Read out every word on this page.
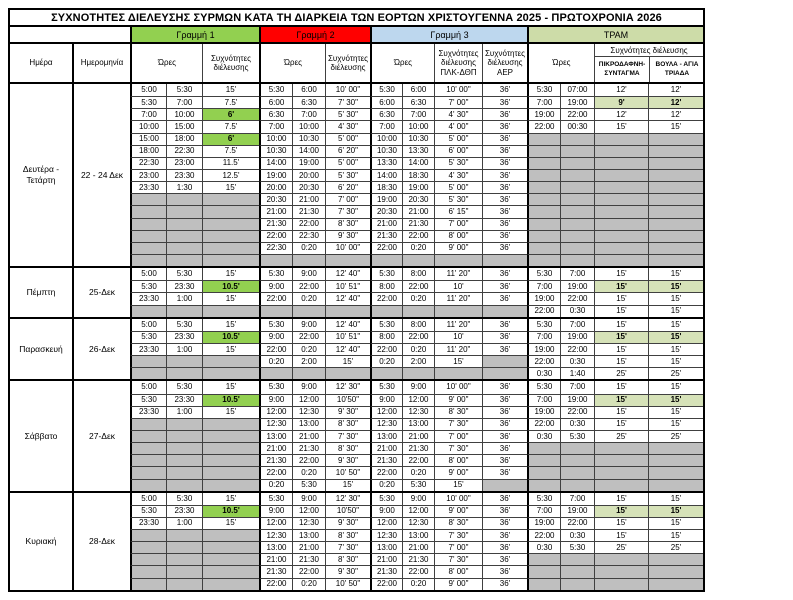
ΣΥΧΝΟΤΗΤΕΣ ΔΙΕΛΕΥΣΗΣ ΣΥΡΜΩΝ ΚΑΤΑ ΤΗ ΔΙΑΡΚΕΙΑ ΤΩΝ ΕΟΡΤΩΝ ΧΡΙΣΤΟΥΓΕΝΝΑ 2025 - ΠΡΩΤΟΧΡΟΝΙΑ 2026
Γραμμή 1	Γραμμή 2	Γραμμή 3	ΤΡΑΜ
Ημέρα	Ημερομηνία	Ώρες
Συχνότητες διέλευσης
Ώρες
Συχνότητες διέλευσης
Ώρες
Συχνότητες διέλευσης ΠΛΚ-ΔΘΠ
Συχνότητες διέλευσης ΑΕΡ
Ώρες
Συχνότητες διέλευσης
ΠΙΚΡΟΔΑΦΝΗ-ΣΥΝΤΑΓΜΑ
ΒΟΥΛΑ - ΑΓΙΑ ΤΡΙΑΔΑ
Δευτέρα - Τετάρτη
22 - 24 Δεκ
5:00	5:30	15'	5:30	6:00	10' 00"	5:30	6:00	10' 00"	36'	5:30	07:00	12'	12'
5:30	7:00	7.5'	6:00	6:30	7' 30"	6:00	6:30	7' 00"	36'	7:00	19:00	9'	12'
7:00	10:00	6'	6:30	7:00	5' 30"	6:30	7:00	4' 30"	36'	19:00	22:00	12'	12'
10:00	15:00	7.5'	7:00	10:00	4' 30"	7:00	10:00	4' 00"	36'	22:00	00:30	15'	15'
15:00	18:00	6'	10:00	10:30	5' 00"	10:00	10:30	5' 00"	36'
18:00	22:30	7.5'	10:30	14:00	6' 20"	10:30	13:30	6' 00"	36'
22:30	23:00	11.5'	14:00	19:00	5' 00"	13:30	14:00	5' 30"	36'
23:00	23:30	12.5'	19:00	20:00	5' 30"	14:00	18:30	4' 30"	36'
23:30	1:30	15'	20:00	20:30	6' 20"	18:30	19:00	5' 00"	36'
20:30	21:00	7' 00"	19:00	20:30	5' 30"	36'
21:00	21:30	7' 30"	20:30	21:00	6' 15"	36'
21:30	22:00	8' 30"	21:00	21:30	7' 00"	36'
22:00	22:30	9' 30"	21:30	22:00	8' 00"	36'
22:30	0:20	10' 00"	22:00	0:20	9' 00"	36'
Πέμπτη	25-Δεκ
5:00	5:30	15'	5:30	9:00	12' 40"	5:30	8:00	11' 20"	36'	5:30	7:00	15'	15'
5:30	23:30	10.5'	9:00	22:00	10' 51"	8:00	22:00	10'	36'	7:00	19:00	15'	15'
23:30	1:00	15'	22:00	0:20	12' 40"	22:00	0:20	11' 20"	36'	19:00	22:00	15'	15'
22:00	0:30	15'	15'
Παρασκευή	26-Δεκ
5:00	5:30	15'	5:30	9:00	12' 40"	5:30	8:00	11' 20"	36'	5:30	7:00	15'	15'
5:30	23:30	10.5'	9:00	22:00	10' 51"	8:00	22:00	10'	36'	7:00	19:00	15'	15'
23:30	1:00	15'	22:00	0:20	12' 40"	22:00	0:20	11' 20"	36'	19:00	22:00	15'	15'
0:20	2:00	15'	0:20	2:00	15'	22:00	0:30	15'	15'
0:30	1:40	25'	25'
Σάββατο	27-Δεκ
5:00	5:30	15'	5:30	9:00	12' 30"	5:30	9:00	10' 00"	36'	5:30	7:00	15'	15'
5:30	23:30	10.5'	9:00	12:00	10'50"	9:00	12:00	9' 00"	36'	7:00	19:00	15'	15'
23:30	1:00	15'	12:00	12:30	9' 30"	12:00	12:30	8' 30"	36'	19:00	22:00	15'	15'
12:30	13:00	8' 30"	12:30	13:00	7' 30"	36'	22:00	0:30	15'	15'
13:00	21:00	7' 30"	13:00	21:00	7' 00"	36'	0:30	5:30	25'	25'
21:00	21:30	8' 30"	21:00	21:30	7' 30"	36'
21:30	22:00	9' 30"	21:30	22:00	8' 00"	36'
22:00	0:20	10' 50"	22:00	0:20	9' 00"	36'
0:20	5:30	15'	0:20	5:30	15'
Κυριακή	28-Δεκ
5:00	5:30	15'	5:30	9:00	12' 30"	5:30	9:00	10' 00"	36'	5:30	7:00	15'	15'
5:30	23:30	10.5'	9:00	12:00	10'50"	9:00	12:00	9' 00"	36'	7:00	19:00	15'	15'
23:30	1:00	15'	12:00	12:30	9' 30"	12:00	12:30	8' 30"	36'	19:00	22:00	15'	15'
12:30	13:00	8' 30"	12:30	13:00	7' 30"	36'	22:00	0:30	15'	15'
13:00	21:00	7' 30"	13:00	21:00	7' 00"	36'	0:30	5:30	25'	25'
21:00	21:30	8' 30"	21:00	21:30	7' 30"	36'
21:30	22:00	9' 30"	21:30	22:00	8' 00"	36'
22:00	0:20	10' 50"	22:00	0:20	9' 00"	36'
